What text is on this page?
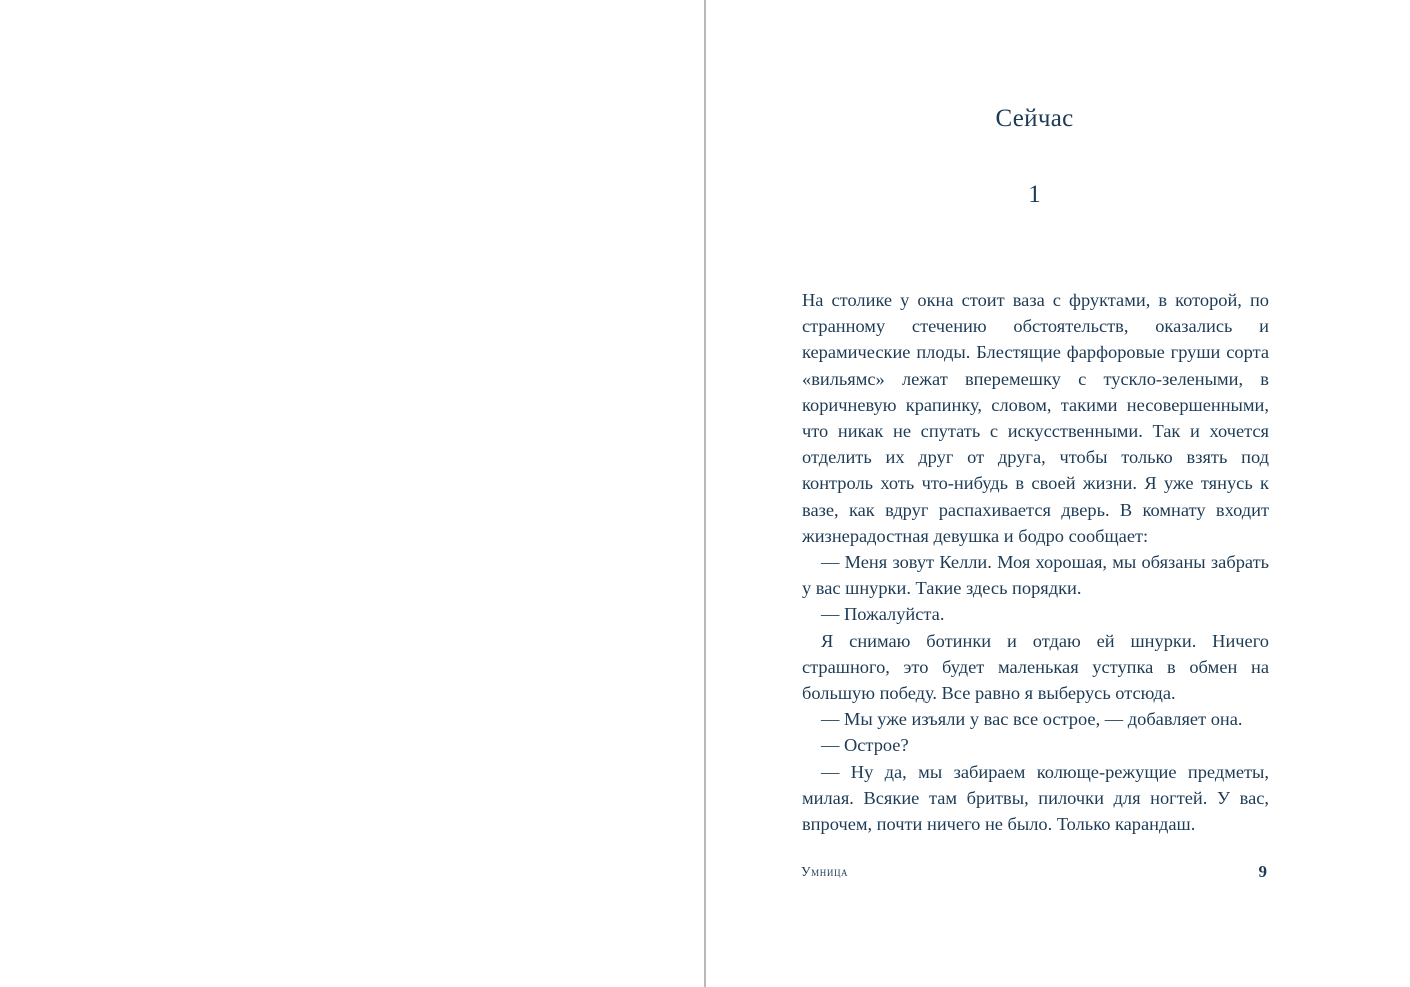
Сейчас
1

На столике у окна стоит ваза с фруктами, в которой, по странному стечению обстоятельств, оказались и керамические плоды. Блестящие фарфоровые груши сорта «вильямс» лежат вперемешку с тускло-зелеными, в коричневую крапинку, словом, такими несовершенными, что никак не спутать с искусственными. Так и хочется отделить их друг от друга, чтобы только взять под контроль хоть что-нибудь в своей жизни. Я уже тянусь к вазе, как вдруг распахивается дверь. В комнату входит жизнерадостная девушка и бодро сообщает:

— Меня зовут Келли. Моя хорошая, мы обязаны забрать у вас шнурки. Такие здесь порядки.

— Пожалуйста.

Я снимаю ботинки и отдаю ей шнурки. Ничего страшного, это будет маленькая уступка в обмен на большую победу. Все равно я выберусь отсюда.

— Мы уже изъяли у вас все острое, — добавляет она.

— Острое?

— Ну да, мы забираем колюще-режущие предметы, милая. Всякие там бритвы, пилочки для ногтей. У вас, впрочем, почти ничего не было. Только карандаш.

Умница	9
